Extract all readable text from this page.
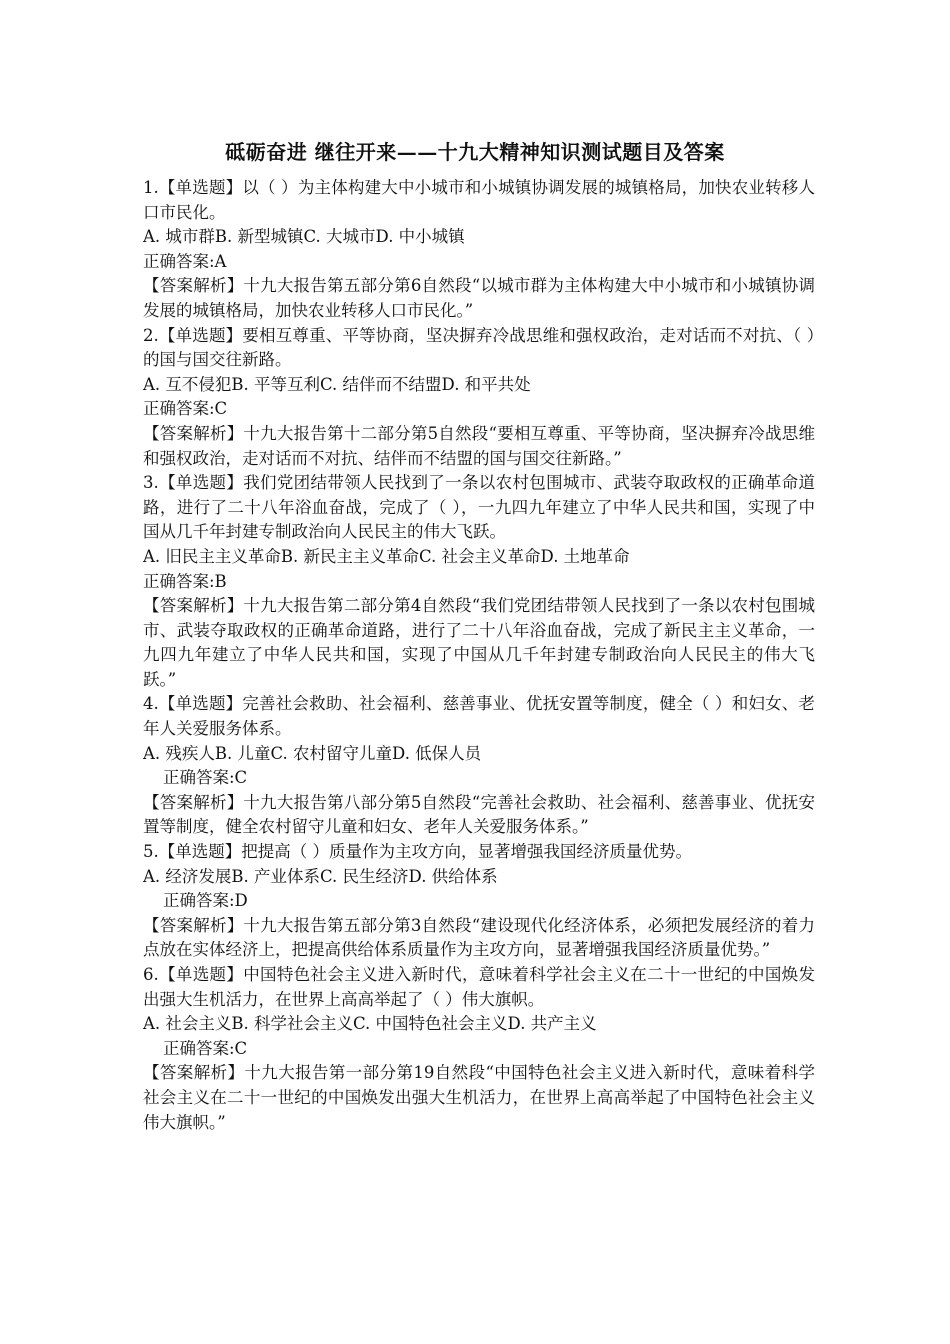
砥砺奋进 继往开来——十九大精神知识测试题目及答案
1.【单选题】以（ ）为主体构建大中小城市和小城镇协调发展的城镇格局，加快农业转移人口市民化。
A. 城市群B. 新型城镇C. 大城市D. 中小城镇
正确答案:A
【答案解析】十九大报告第五部分第6自然段“以城市群为主体构建大中小城市和小城镇协调发展的城镇格局，加快农业转移人口市民化。”
2.【单选题】要相互尊重、平等协商，坚决摒弃冷战思维和强权政治，走对话而不对抗、（ ）的国与国交往新路。
A. 互不侵犯B. 平等互利C. 结伴而不结盟D. 和平共处
正确答案:C
【答案解析】十九大报告第十二部分第5自然段“要相互尊重、平等协商，坚决摒弃冷战思维和强权政治，走对话而不对抗、结伴而不结盟的国与国交往新路。”
3.【单选题】我们党团结带领人民找到了一条以农村包围城市、武装夺取政权的正确革命道路，进行了二十八年浴血奋战，完成了（ ），一九四九年建立了中华人民共和国，实现了中国从几千年封建专制政治向人民民主的伟大飞跃。
A. 旧民主主义革命B. 新民主主义革命C. 社会主义革命D. 土地革命
正确答案:B
【答案解析】十九大报告第二部分第4自然段“我们党团结带领人民找到了一条以农村包围城市、武装夺取政权的正确革命道路，进行了二十八年浴血奋战，完成了新民主主义革命，一九四九年建立了中华人民共和国，实现了中国从几千年封建专制政治向人民民主的伟大飞跃。”
4.【单选题】完善社会救助、社会福利、慈善事业、优抚安置等制度，健全（ ）和妇女、老年人关爱服务体系。
A. 残疾人B. 儿童C. 农村留守儿童D. 低保人员
正确答案:C
【答案解析】十九大报告第八部分第5自然段“完善社会救助、社会福利、慈善事业、优抚安置等制度，健全农村留守儿童和妇女、老年人关爱服务体系。”
5.【单选题】把提高（ ）质量作为主攻方向，显著增强我国经济质量优势。
A. 经济发展B. 产业体系C. 民生经济D. 供给体系
正确答案:D
【答案解析】十九大报告第五部分第3自然段“建设现代化经济体系，必须把发展经济的着力点放在实体经济上，把提高供给体系质量作为主攻方向，显著增强我国经济质量优势。”
6.【单选题】中国特色社会主义进入新时代，意味着科学社会主义在二十一世纪的中国焕发出强大生机活力，在世界上高高举起了（ ）伟大旗帜。
A. 社会主义B. 科学社会主义C. 中国特色社会主义D. 共产主义
正确答案:C
【答案解析】十九大报告第一部分第19自然段“中国特色社会主义进入新时代，意味着科学社会主义在二十一世纪的中国焕发出强大生机活力，在世界上高高举起了中国特色社会主义伟大旗帜。”
